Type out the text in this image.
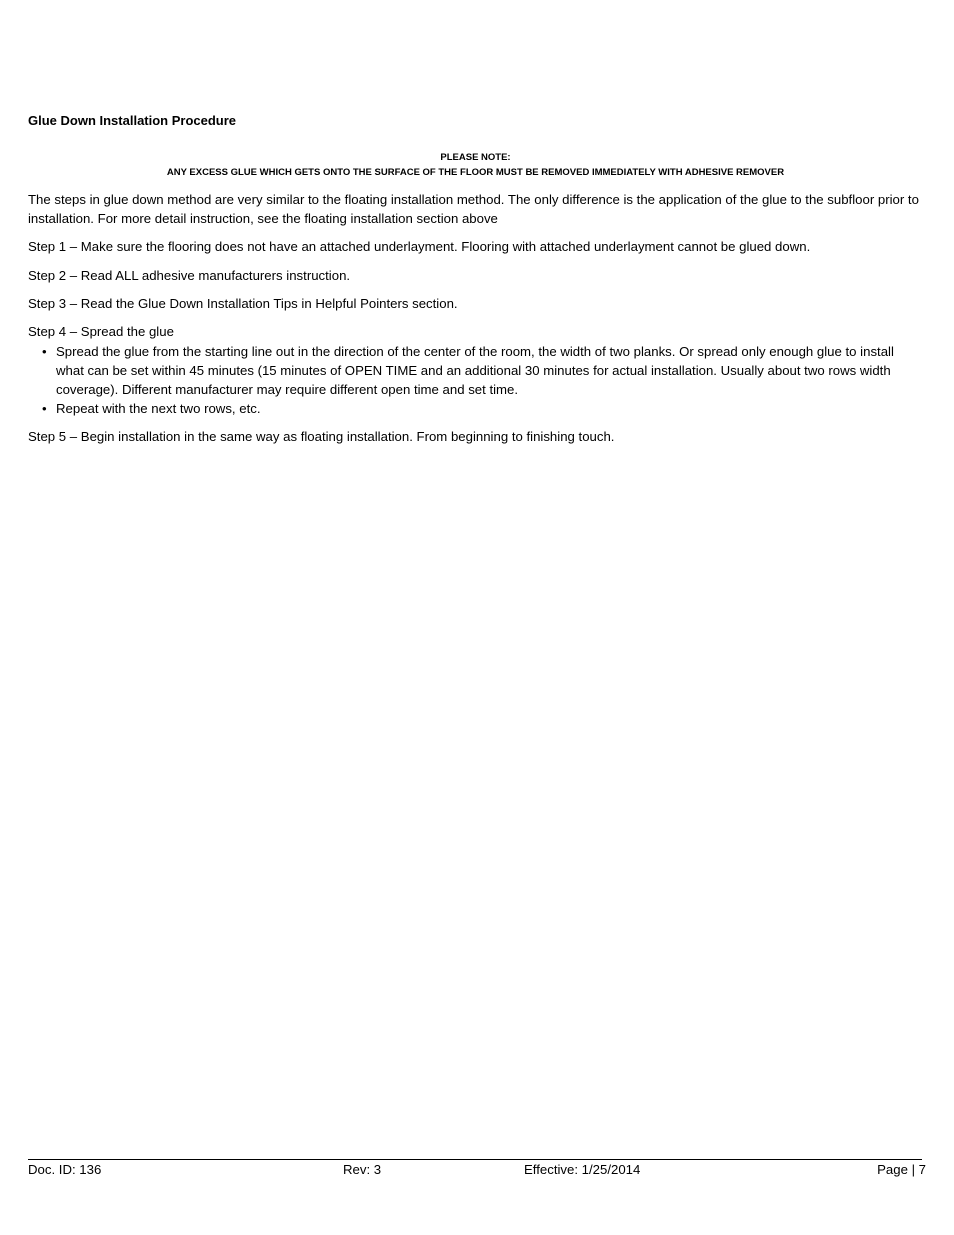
Glue Down Installation Procedure

PLEASE NOTE:
ANY EXCESS GLUE WHICH GETS ONTO THE SURFACE OF THE FLOOR MUST BE REMOVED IMMEDIATELY WITH ADHESIVE REMOVER

The steps in glue down method are very similar to the floating installation method. The only difference is the application of the glue to the subfloor prior to installation. For more detail instruction, see the floating installation section above

Step 1 – Make sure the flooring does not have an attached underlayment. Flooring with attached underlayment cannot be glued down.

Step 2 – Read ALL adhesive manufacturers instruction.

Step 3 – Read the Glue Down Installation Tips in Helpful Pointers section.

Step 4 – Spread the glue

• Spread the glue from the starting line out in the direction of the center of the room, the width of two planks. Or spread only enough glue to install what can be set within 45 minutes (15 minutes of OPEN TIME and an additional 30 minutes for actual installation. Usually about two rows width coverage). Different manufacturer may require different open time and set time.
• Repeat with the next two rows, etc.

Step 5 – Begin installation in the same way as floating installation. From beginning to finishing touch.

Doc. ID: 136	Rev: 3	Effective: 1/25/2014	Page | 7
